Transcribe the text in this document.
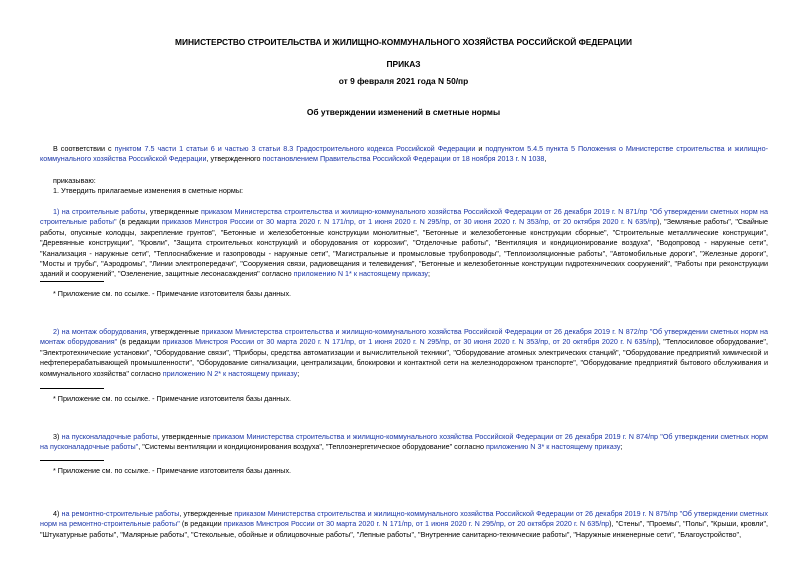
МИНИСТЕРСТВО СТРОИТЕЛЬСТВА И ЖИЛИЩНО-КОММУНАЛЬНОГО ХОЗЯЙСТВА РОССИЙСКОЙ ФЕДЕРАЦИИ

ПРИКАЗ

от 9 февраля 2021 года N 50/пр

Об утверждении изменений в сметные нормы

В соответствии с пунктом 7.5 части 1 статьи 6 и частью 3 статьи 8.3 Градостроительного кодекса Российской Федерации и подпунктом 5.4.5 пункта 5 Положения о Министерстве строительства и жилищно-коммунального хозяйства Российской Федерации, утвержденного постановлением Правительства Российской Федерации от 18 ноября 2013 г. N 1038,

приказываю:

1. Утвердить прилагаемые изменения в сметные нормы:

1) на строительные работы, утвержденные приказом Министерства строительства и жилищно-коммунального хозяйства Российской Федерации от 26 декабря 2019 г. N 871/пр "Об утверждении сметных норм на строительные работы" (в редакции приказов Минстроя России от 30 марта 2020 г. N 171/пр, от 1 июня 2020 г. N 295/пр, от 30 июня 2020 г. N 353/пр, от 20 октября 2020 г. N 635/пр), "Земляные работы", "Свайные работы, опускные колодцы, закрепление грунтов", "Бетонные и железобетонные конструкции монолитные", "Бетонные и железобетонные конструкции сборные", "Строительные металлические конструкции", "Деревянные конструкции", "Кровли", "Защита строительных конструкций и оборудования от коррозии", "Отделочные работы", "Вентиляция и кондиционирование воздуха", "Водопровод - наружные сети", "Канализация - наружные сети", "Теплоснабжение и газопроводы - наружные сети", "Магистральные и промысловые трубопроводы", "Теплоизоляционные работы", "Автомобильные дороги", "Железные дороги", "Мосты и трубы", "Аэродромы", "Линии электропередачи", "Сооружения связи, радиовещания и телевидения", "Бетонные и железобетонные конструкции гидротехнических сооружений", "Работы при реконструкции зданий и сооружений", "Озеленение, защитные лесонасаждения" согласно приложению N 1* к настоящему приказу;

* Приложение см. по ссылке. - Примечание изготовителя базы данных.

2) на монтаж оборудования, утвержденные приказом Министерства строительства и жилищно-коммунального хозяйства Российской Федерации от 26 декабря 2019 г. N 872/пр "Об утверждении сметных норм на монтаж оборудования" (в редакции приказов Минстроя России от 30 марта 2020 г. N 171/пр, от 1 июня 2020 г. N 295/пр, от 30 июня 2020 г. N 353/пр, от 20 октября 2020 г. N 635/пр), "Теплосиловое оборудование", "Электротехнические установки", "Оборудование связи", "Приборы, средства автоматизации и вычислительной техники", "Оборудование атомных электрических станций", "Оборудование предприятий химической и нефтеперерабатывающей промышленности", "Оборудование сигнализации, централизации, блокировки и контактной сети на железнодорожном транспорте", "Оборудование предприятий бытового обслуживания и коммунального хозяйства" согласно приложению N 2* к настоящему приказу;

* Приложение см. по ссылке. - Примечание изготовителя базы данных.

3) на пусконаладочные работы, утвержденные приказом Министерства строительства и жилищно-коммунального хозяйства Российской Федерации от 26 декабря 2019 г. N 874/пр "Об утверждении сметных норм на пусконаладочные работы", "Системы вентиляции и кондиционирования воздуха", "Теплоэнергетическое оборудование" согласно приложению N 3* к настоящему приказу;

* Приложение см. по ссылке. - Примечание изготовителя базы данных.

4) на ремонтно-строительные работы, утвержденные приказом Министерства строительства и жилищно-коммунального хозяйства Российской Федерации от 26 декабря 2019 г. N 875/пр "Об утверждении сметных норм на ремонтно-строительные работы" (в редакции приказов Минстроя России от 30 марта 2020 г. N 171/пр, от 1 июня 2020 г. N 295/пр, от 20 октября 2020 г. N 635/пр), "Стены", "Проемы", "Полы", "Крыши, кровли", "Штукатурные работы", "Малярные работы", "Стекольные, обойные и облицовочные работы", "Лепные работы", "Внутренние санитарно-технические работы", "Наружные инженерные сети", "Благоустройство",
